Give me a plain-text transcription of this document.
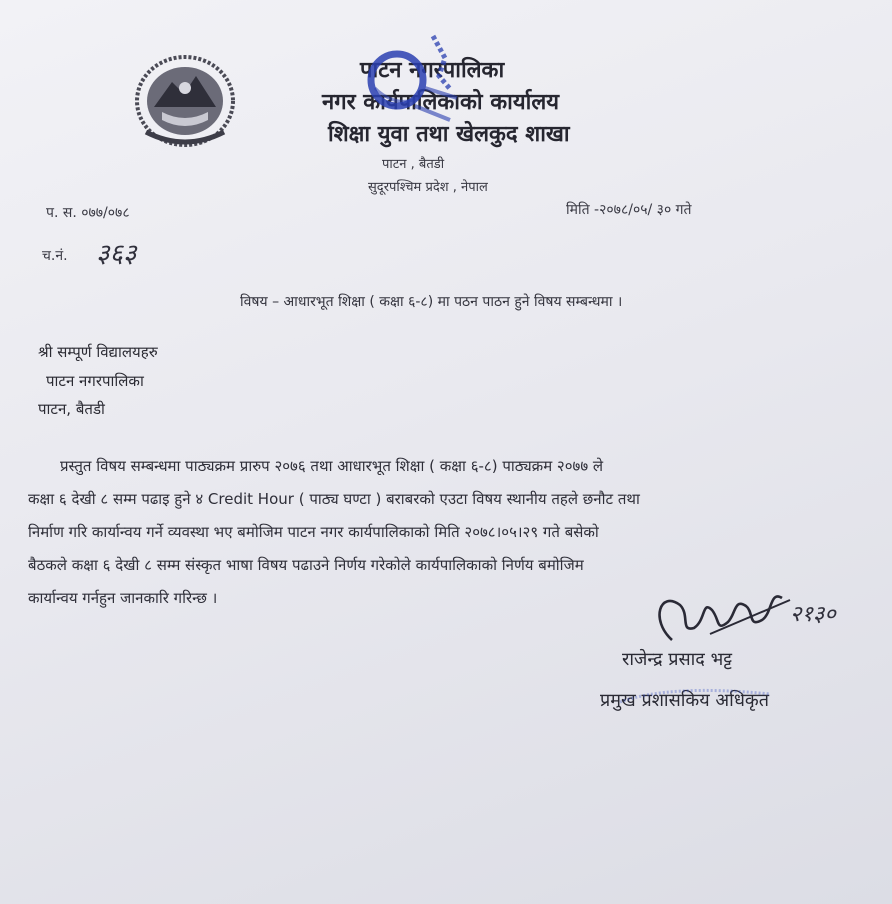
पाटन नगरपालिका
नगर कार्यपालिकाको कार्यालय
शिक्षा युवा तथा खेलकुद शाखा
पाटन , बैतडी
सुदूरपश्चिम प्रदेश , नेपाल
प. स. ०७७/०७८	मिति -२०७८/०५/ ३० गते
च.नं. ३६३
विषय – आधारभूत शिक्षा ( कक्षा ६-८) मा पठन पाठन हुने विषय सम्बन्धमा ।
श्री सम्पूर्ण विद्यालयहरु
पाटन नगरपालिका
पाटन, बैतडी
प्रस्तुत विषय सम्बन्धमा पाठ्यक्रम प्रारुप २०७६ तथा आधारभूत शिक्षा ( कक्षा ६-८) पाठ्यक्रम २०७७ ले
कक्षा ६ देखी ८ सम्म पढाइ हुने ४ Credit Hour ( पाठ्य घण्टा ) बराबरको एउटा विषय स्थानीय तहले छनौट तथा
निर्माण गरि कार्यान्वय गर्ने व्यवस्था भए बमोजिम पाटन नगर कार्यपालिकाको मिति २०७८।०५।२९ गते बसेको
बैठकले कक्षा ६ देखी ८ सम्म संस्कृत भाषा विषय पढाउने निर्णय गरेकोले कार्यपालिकाको निर्णय बमोजिम
कार्यान्वय गर्नहुन जानकारि गरिन्छ ।
२१३०
राजेन्द्र प्रसाद भट्ट
प्रमुख प्रशासकिय अधिकृत
